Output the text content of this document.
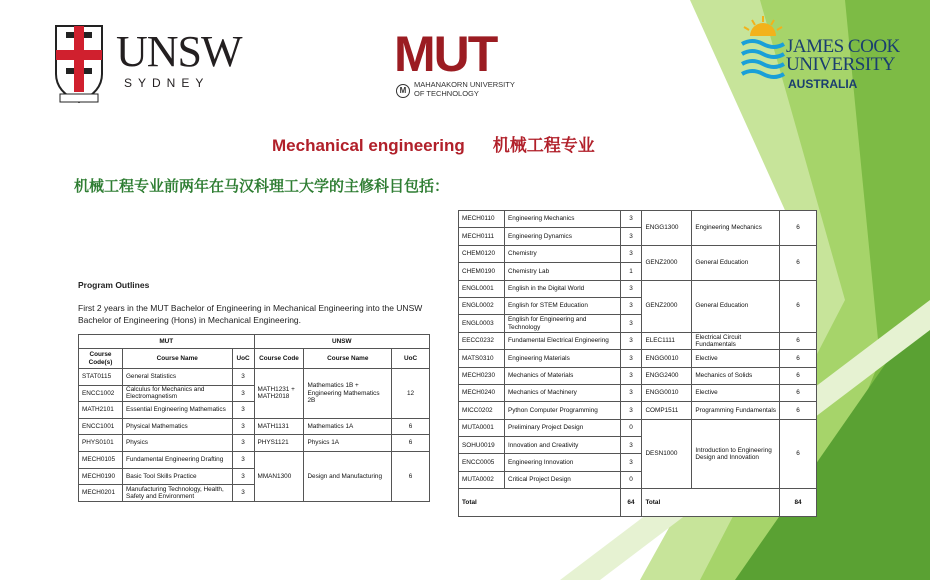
UNSW
SYDNEY
MUT
M
MAHANAKORN UNIVERSITY
OF TECHNOLOGY
JAMES COOK
UNIVERSITY
AUSTRALIA
Mechanical engineering 机械工程专业
机械工程专业前两年在马汉科理工大学的主修科目包括：
Program Outlines
First 2 years in the MUT Bachelor of Engineering in Mechanical Engineering into the UNSW Bachelor of Engineering (Hons) in Mechanical Engineering.
MUT			UNSW		
Course Code(s)	Course Name	UoC	Course Code	Course Name	UoC
STAT0115	General Statistics	3	MATH1231 + MATH2018	Mathematics 1B + Engineering Mathematics 2B	12
ENCC1002	Calculus for Mechanics and Electromagnetism	3			
MATH2101	Essential Engineering Mathematics	3			
ENCC1001	Physical Mathematics	3	MATH1131	Mathematics 1A	6
PHYS0101	Physics	3	PHYS1121	Physics 1A	6
MECH0105	Fundamental Engineering Drafting	3	MMAN1300	Design and Manufacturing	6
MECH0190	Basic Tool Skills Practice	3			
MECH0201	Manufacturing Technology, Health, Safety and Environment	3			
MECH0110	Engineering Mechanics	3	ENGG1300	Engineering Mechanics	6
MECH0111	Engineering Dynamics	3			
CHEM0120	Chemistry	3	GENZ2000	General Education	6
CHEM0190	Chemistry Lab	1			
ENGL0001	English in the Digital World	3	GENZ2000	General Education	6
ENGL0002	English for STEM Education	3			
ENGL0003	English for Engineering and Technology	3			
EECC0232	Fundamental Electrical Engineering	3	ELEC1111	Electrical Circuit Fundamentals	6
MATS0310	Engineering Materials	3	ENGG0010	Elective	6
MECH0230	Mechanics of Materials	3	ENGG2400	Mechanics of Solids	6
MECH0240	Mechanics of Machinery	3	ENGG0010	Elective	6
MICC0202	Python Computer Programming	3	COMP1511	Programming Fundamentals	6
MUTA0001	Preliminary Project Design	0	DESN1000	Introduction to Engineering Design and Innovation	6
SOHU0019	Innovation and Creativity	3			
ENCC0005	Engineering Innovation	3			
MUTA0002	Critical Project Design	0			
Total		64	Total		84
